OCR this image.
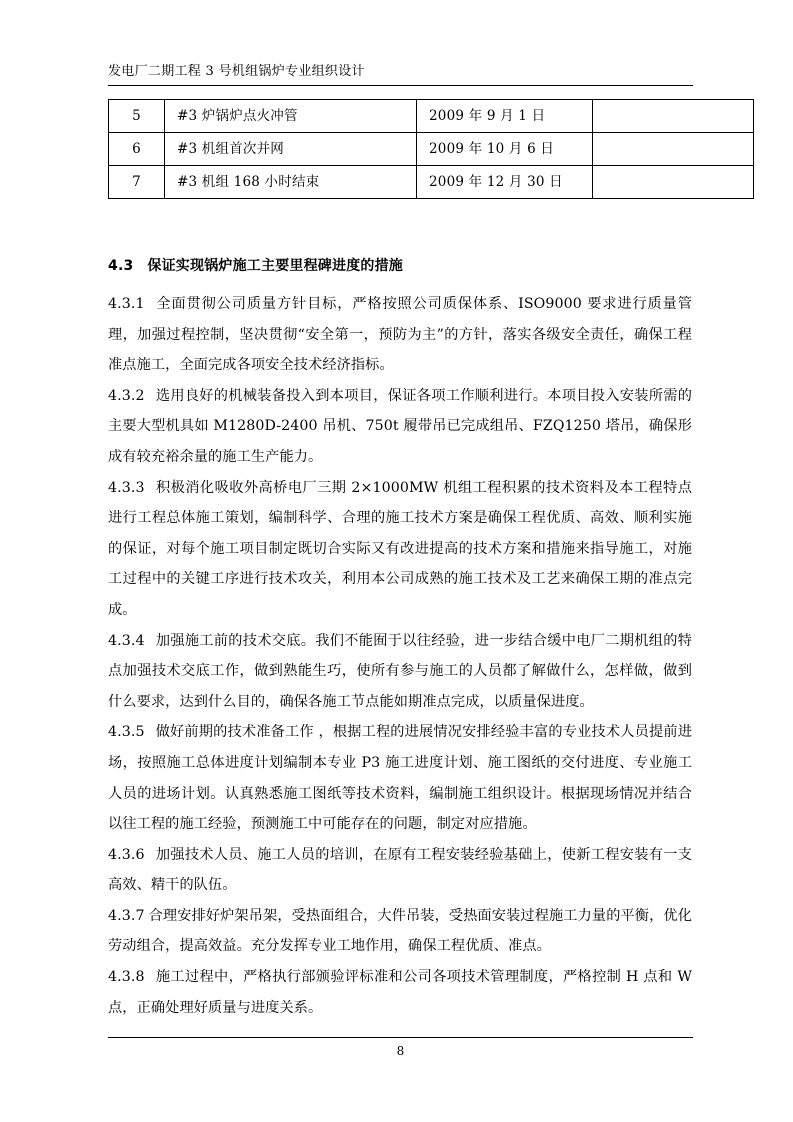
发电厂二期工程 3 号机组锅炉专业组织设计
5	#3 炉锅炉点火冲管	2009 年 9 月 1 日	
6	#3 机组首次并网	2009 年 10 月 6 日	
7	#3 机组 168 小时结束	2009 年 12 月 30 日	
4.3 保证实现锅炉施工主要里程碑进度的措施

4.3.1 全面贯彻公司质量方针目标，严格按照公司质保体系、ISO9000 要求进行质量管理，加强过程控制，坚决贯彻“安全第一，预防为主”的方针，落实各级安全责任，确保工程准点施工，全面完成各项安全技术经济指标。

4.3.2 选用良好的机械装备投入到本项目，保证各项工作顺利进行。本项目投入安装所需的主要大型机具如 M1280D-2400 吊机、750t 履带吊已完成组吊、FZQ1250 塔吊，确保形成有较充裕余量的施工生产能力。

4.3.3 积极消化吸收外高桥电厂三期 2×1000MW 机组工程积累的技术资料及本工程特点进行工程总体施工策划，编制科学、合理的施工技术方案是确保工程优质、高效、顺利实施的保证，对每个施工项目制定既切合实际又有改进提高的技术方案和措施来指导施工，对施工过程中的关键工序进行技术攻关，利用本公司成熟的施工技术及工艺来确保工期的准点完成。

4.3.4 加强施工前的技术交底。我们不能囿于以往经验，进一步结合缓中电厂二期机组的特点加强技术交底工作，做到熟能生巧，使所有参与施工的人员都了解做什么，怎样做，做到什么要求，达到什么目的，确保各施工节点能如期准点完成，以质量保进度。

4.3.5 做好前期的技术准备工作 ，根据工程的进展情况安排经验丰富的专业技术人员提前进场，按照施工总体进度计划编制本专业 P3 施工进度计划、施工图纸的交付进度、专业施工人员的进场计划。认真熟悉施工图纸等技术资料，编制施工组织设计。根据现场情况并结合以往工程的施工经验，预测施工中可能存在的问题，制定对应措施。

4.3.6 加强技术人员、施工人员的培训，在原有工程安装经验基础上，使新工程安装有一支高效、精干的队伍。

4.3.7 合理安排好炉架吊架，受热面组合，大件吊装，受热面安装过程施工力量的平衡，优化劳动组合，提高效益。充分发挥专业工地作用，确保工程优质、准点。

4.3.8 施工过程中，严格执行部颁验评标准和公司各项技术管理制度，严格控制 H 点和 W 点，正确处理好质量与进度关系。

8
